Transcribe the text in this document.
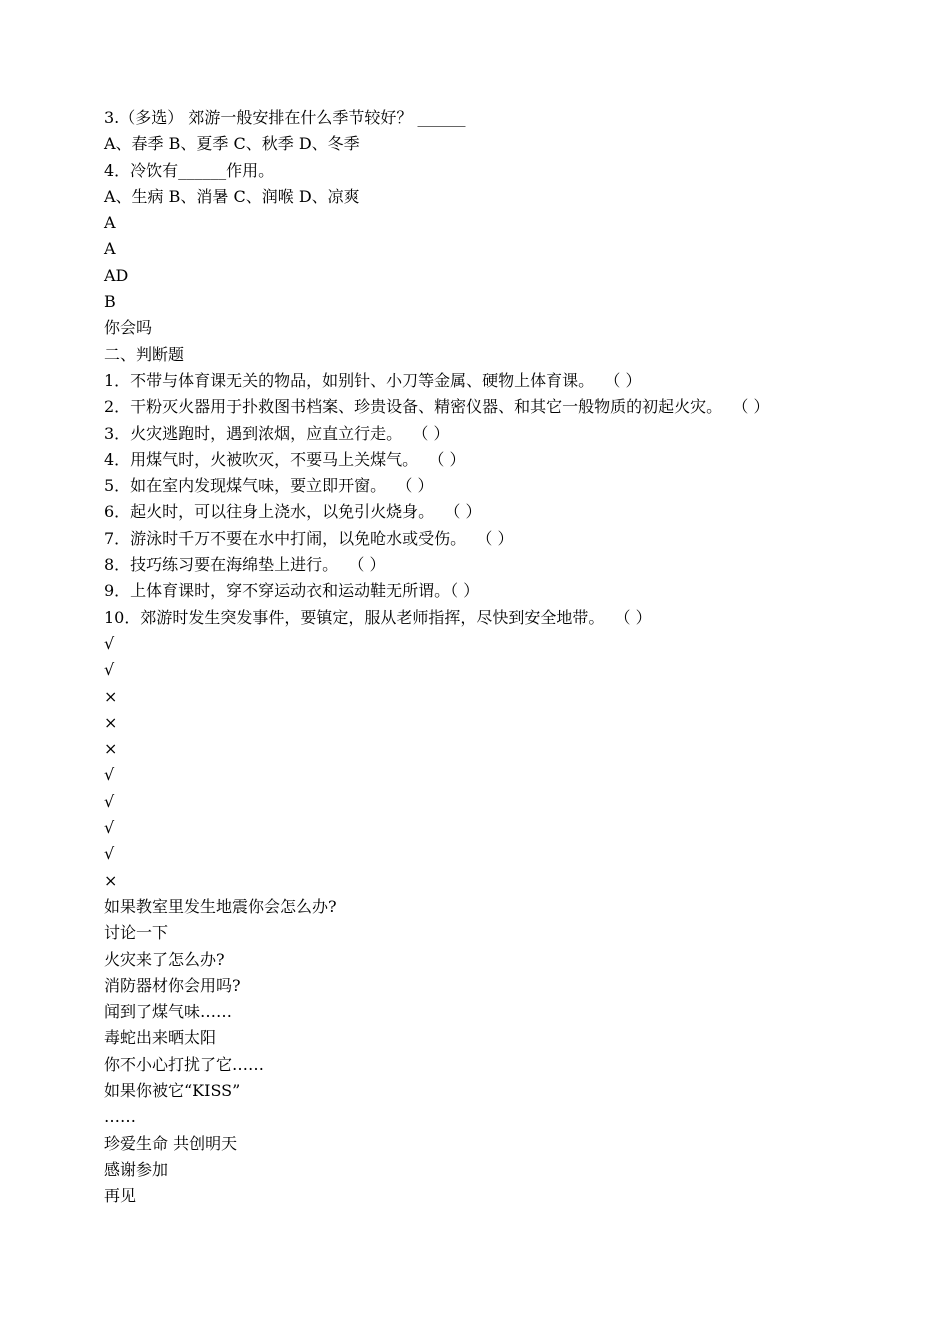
3.（多选） 郊游一般安排在什么季节较好？ ______
A、春季 B、夏季 C、秋季 D、冬季
4．冷饮有______作用。
A、生病 B、消暑 C、润喉 D、凉爽
A
A
AD
B
你会吗
二、判断题
1．不带与体育课无关的物品，如别针、小刀等金属、硬物上体育课。  （ ）
2．干粉灭火器用于扑救图书档案、珍贵设备、精密仪器、和其它一般物质的初起火灾。  （ ）
3．火灾逃跑时，遇到浓烟，应直立行走。  （ ）
4．用煤气时，火被吹灭，不要马上关煤气。  （ ）
5．如在室内发现煤气味，要立即开窗。  （ ）
6．起火时，可以往身上浇水，以免引火烧身。  （ ）
7．游泳时千万不要在水中打闹，以免呛水或受伤。  （ ）
8．技巧练习要在海绵垫上进行。  （ ）
9．上体育课时，穿不穿运动衣和运动鞋无所谓。（ ）
10．郊游时发生突发事件，要镇定，服从老师指挥，尽快到安全地带。  （ ）
√
√
×
×
×
√
√
√
√
×
如果教室里发生地震你会怎么办?
讨论一下
火灾来了怎么办?
消防器材你会用吗?
闻到了煤气味……
毒蛇出来晒太阳
你不小心打扰了它……
如果你被它“KISS”
……
珍爱生命 共创明天
感谢参加
再见
